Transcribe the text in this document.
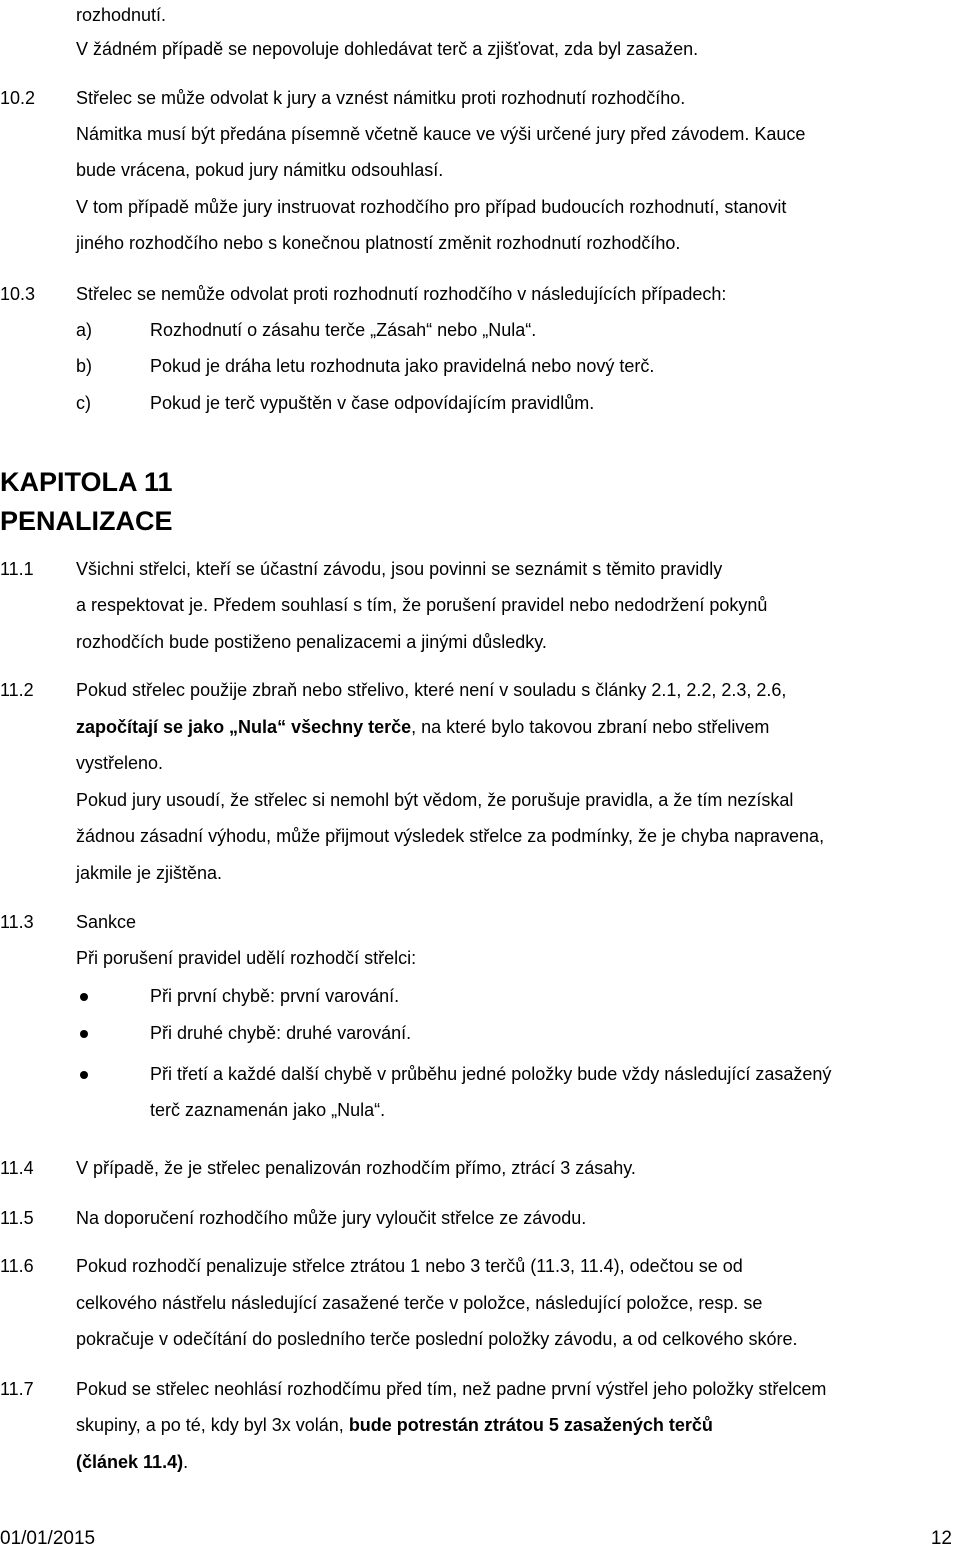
rozhodnutí.
V žádném případě se nepovoluje dohledávat terč a zjišťovat, zda byl zasažen.
10.2 Střelec se může odvolat k jury a vznést námitku proti rozhodnutí rozhodčího.
Námitka musí být předána písemně včetně kauce ve výši určené jury před závodem. Kauce
bude vrácena, pokud jury námitku odsouhlasí.
V tom případě může jury instruovat rozhodčího pro případ budoucích rozhodnutí, stanovit
jiného rozhodčího nebo s konečnou platností změnit rozhodnutí rozhodčího.
10.3 Střelec se nemůže odvolat proti rozhodnutí rozhodčího v následujících případech:
a)	Rozhodnutí o zásahu terče „Zásah“ nebo „Nula“.
b)	Pokud je dráha letu rozhodnuta jako pravidelná nebo nový terč.
c)	Pokud je terč vypuštěn v čase odpovídajícím pravidlům.
KAPITOLA 11
PENALIZACE
11.1 Všichni střelci, kteří se účastní závodu, jsou povinni se seznámit s těmito pravidly
a respektovat je. Předem souhlasí s tím, že porušení pravidel nebo nedodržení pokynů
rozhodčích bude postiženo penalizacemi a jinými důsledky.
11.2 Pokud střelec použije zbraň nebo střelivo, které není v souladu s články 2.1, 2.2, 2.3, 2.6,
započítají se jako „Nula“ všechny terče, na které bylo takovou zbraní nebo střelivem
vystřeleno.
Pokud jury usoudí, že střelec si nemohl být vědom, že porušuje pravidla, a že tím nezískal
žádnou zásadní výhodu, může přijmout výsledek střelce za podmínky, že je chyba napravena,
jakmile je zjištěna.
11.3 Sankce
Při porušení pravidel udělí rozhodčí střelci:
Při první chybě: první varování.
Při druhé chybě: druhé varování.
Při třetí a každé další chybě v průběhu jedné položky bude vždy následující zasažený
terč zaznamenán jako „Nula“.
11.4 V případě, že je střelec penalizován rozhodčím přímo, ztrácí 3 zásahy.
11.5 Na doporučení rozhodčího může jury vyloučit střelce ze závodu.
11.6 Pokud rozhodčí penalizuje střelce ztrátou 1 nebo 3 terčů (11.3, 11.4), odečtou se od
celkového nástřelu následující zasažené terče v položce, následující položce, resp. se
pokračuje v odečítání do posledního terče poslední položky závodu, a od celkového skóre.
11.7 Pokud se střelec neohlásí rozhodčímu před tím, než padne první výstřel jeho položky střelcem
skupiny, a po té, kdy byl 3x volán, bude potrestán ztrátou 5 zasažených terčů
(článek 11.4).
01/01/2015	12
